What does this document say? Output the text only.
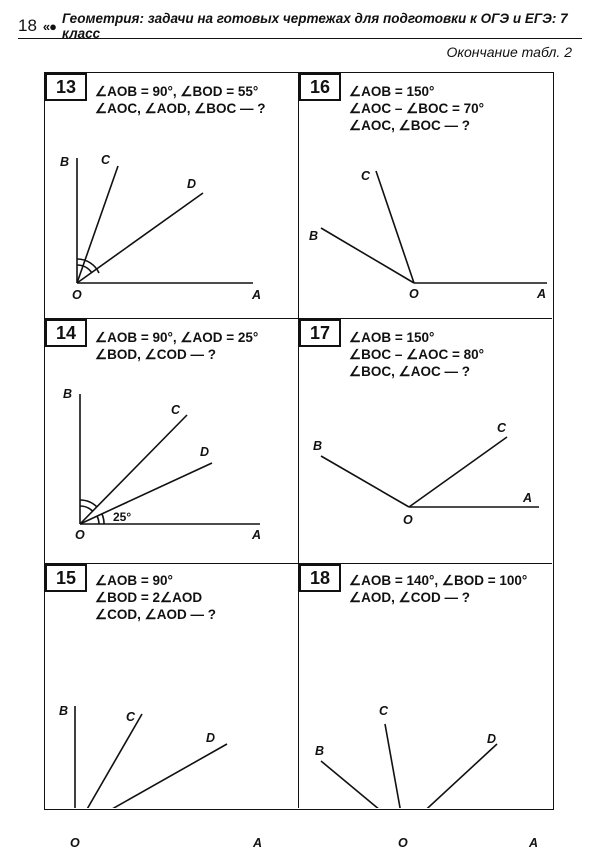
18 «● Геометрия: задачи на готовых чертежах для подготовки к ОГЭ и ЕГЭ: 7 класс
Окончание табл. 2
13	∠AOB = 90°, ∠BOD = 55°
∠AOC, ∠AOD, ∠BOC — ?
B	C
D
O	A
16	∠AOB = 150°
∠AOC – ∠BOC = 70°
∠AOC, ∠BOC — ?
B
C
O	A
14	∠AOB = 90°, ∠AOD = 25°
∠BOD, ∠COD — ?
B
C
D
O	A
25°
17	∠AOB = 150°
∠BOC – ∠AOC = 80°
∠BOC, ∠AOC — ?
B
C
O
A
15	∠AOB = 90°
∠BOD = 2∠AOD
∠COD, ∠AOD — ?
B	C
D
O	A
18	∠AOB = 140°, ∠BOD = 100°
∠AOD, ∠COD — ?
B
C
D
O	A
